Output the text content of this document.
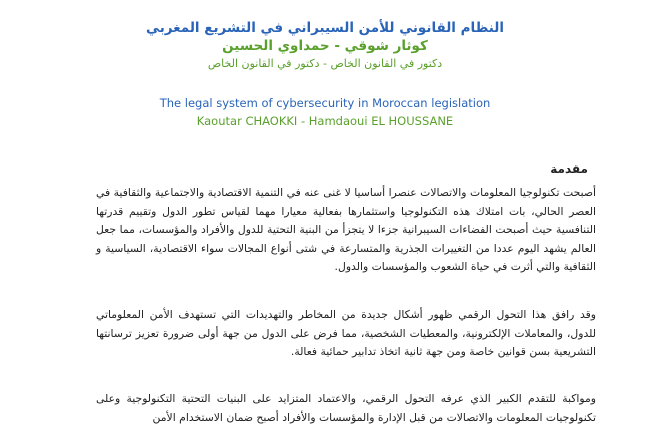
النظام القانوني للأمن السيبراني في التشريع المغربي
كوثار شوقي - حمداوي الحسين
دكتور في القانون الخاص - دكتور في القانون الخاص
The legal system of cybersecurity in Moroccan legislation
Kaoutar CHAOKKI - Hamdaoui EL HOUSSANE
مقدمة
أصبحت تكنولوجيا المعلومات والاتصالات عنصرا أساسيا لا غنى عنه في التنمية الاقتصادية والاجتماعية والثقافية في العصر الحالي، بات امتلاك هذه التكنولوجيا واستثمارها بفعالية معيارا مهما لقياس تطور الدول وتقييم قدرتها التنافسية حيث أصبحت الفضاءات السيبرانية جزءا لا يتجزأ من البنية التحتية للدول والأفراد والمؤسسات، مما جعل العالم يشهد اليوم عددا من التغييرات الجذرية والمتسارعة في شتى أنواع المجالات سواء الاقتصادية، السياسية و الثقافية والتي أثرت في حياة الشعوب والمؤسسات والدول.
وقد رافق هذا التحول الرقمي ظهور أشكال جديدة من المخاطر والتهديدات التي تستهدف الأمن المعلوماتي للدول، والمعاملات الإلكترونية، والمعطيات الشخصية، مما فرض على الدول من جهة أولى ضرورة تعزيز ترسانتها التشريعية بسن قوانين خاصة ومن جهة ثانية اتخاذ تدابير حمائية فعالة.
ومواكبة للتقدم الكبير الذي عرفه التحول الرقمي، والاعتماد المتزايد على البنيات التحتية التكنولوجية وعلى تكنولوجيات المعلومات والاتصالات من قبل الإدارة والمؤسسات والأفراد أصبح ضمان الاستخدام الأمن
